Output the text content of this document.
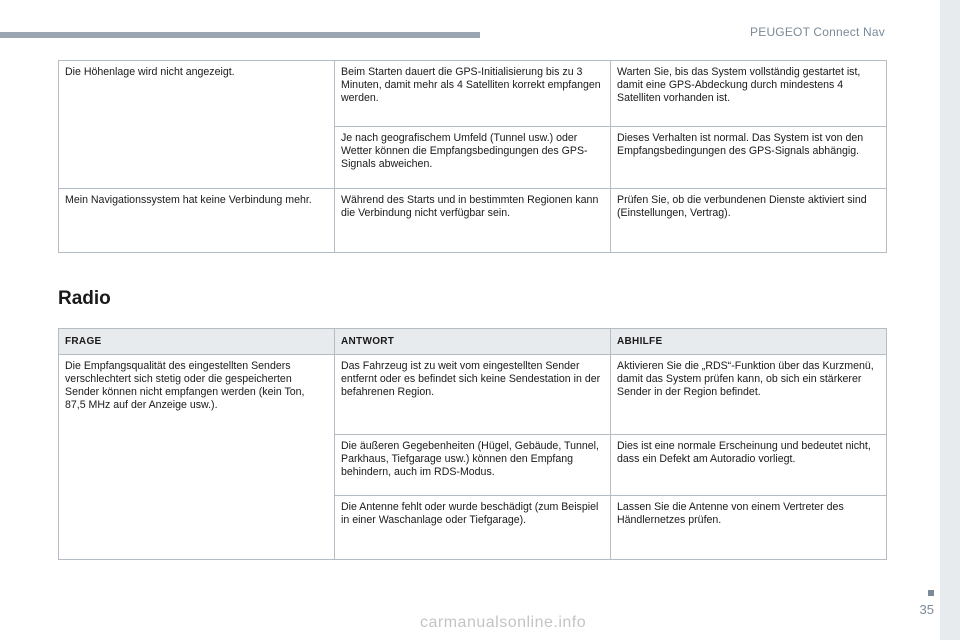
PEUGEOT Connect Nav
Die Höhenlage wird nicht angezeigt.	Beim Starten dauert die GPS-Initialisierung bis zu 3 Minuten, damit mehr als 4 Satelliten korrekt empfangen werden.	Warten Sie, bis das System vollständig gestartet ist, damit eine GPS-Abdeckung durch mindestens 4 Satelliten vorhanden ist.
	Je nach geografischem Umfeld (Tunnel usw.) oder Wetter können die Empfangsbedingungen des GPS-Signals abweichen.	Dieses Verhalten ist normal. Das System ist von den Empfangsbedingungen des GPS-Signals abhängig.
Mein Navigationssystem hat keine Verbindung mehr.	Während des Starts und in bestimmten Regionen kann die Verbindung nicht verfügbar sein.	Prüfen Sie, ob die verbundenen Dienste aktiviert sind (Einstellungen, Vertrag).
Radio
FRAGE	ANTWORT	ABHILFE
Die Empfangsqualität des eingestellten Senders verschlechtert sich stetig oder die gespeicherten Sender können nicht empfangen werden (kein Ton, 87,5 MHz auf der Anzeige usw.).	Das Fahrzeug ist zu weit vom eingestellten Sender entfernt oder es befindet sich keine Sendestation in der befahrenen Region.	Aktivieren Sie die „RDS“-Funktion über das Kurzmenü, damit das System prüfen kann, ob sich ein stärkerer Sender in der Region befindet.
	Die äußeren Gegebenheiten (Hügel, Gebäude, Tunnel, Parkhaus, Tiefgarage usw.) können den Empfang behindern, auch im RDS-Modus.	Dies ist eine normale Erscheinung und bedeutet nicht, dass ein Defekt am Autoradio vorliegt.
	Die Antenne fehlt oder wurde beschädigt (zum Beispiel in einer Waschanlage oder Tiefgarage).	Lassen Sie die Antenne von einem Vertreter des Händlernetzes prüfen.
35
carmanualsonline.info
